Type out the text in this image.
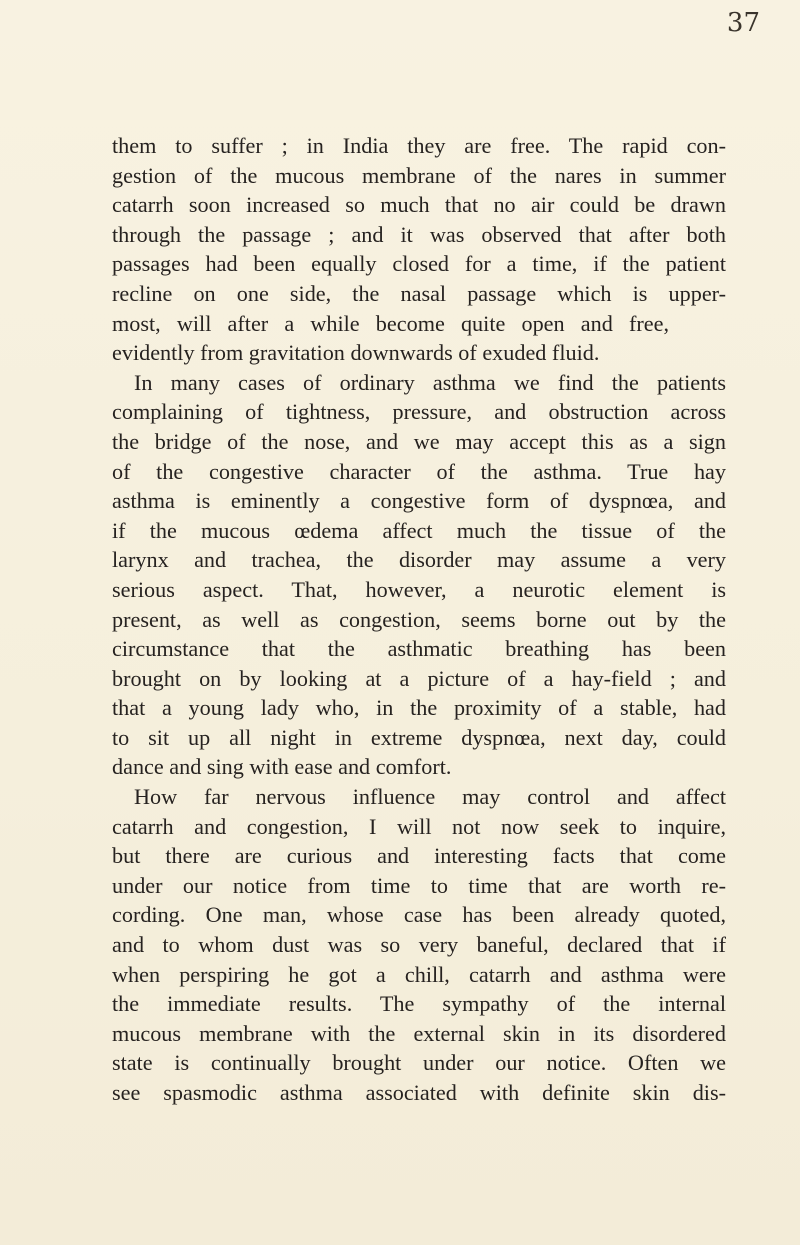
37
them to suffer ; in India they are free. The rapid con-
gestion of the mucous membrane of the nares in summer
catarrh soon increased so much that no air could be drawn
through the passage ; and it was observed that after both
passages had been equally closed for a time, if the patient
recline on one side, the nasal passage which is upper-
most, will after a while become quite open and free,
evidently from gravitation downwards of exuded fluid.
In many cases of ordinary asthma we find the patients
complaining of tightness, pressure, and obstruction across
the bridge of the nose, and we may accept this as a sign
of the congestive character of the asthma. True hay
asthma is eminently a congestive form of dyspnœa, and
if the mucous œdema affect much the tissue of the
larynx and trachea, the disorder may assume a very
serious aspect. That, however, a neurotic element is
present, as well as congestion, seems borne out by the
circumstance that the asthmatic breathing has been
brought on by looking at a picture of a hay-field ; and
that a young lady who, in the proximity of a stable, had
to sit up all night in extreme dyspnœa, next day, could
dance and sing with ease and comfort.
How far nervous influence may control and affect
catarrh and congestion, I will not now seek to inquire,
but there are curious and interesting facts that come
under our notice from time to time that are worth re-
cording. One man, whose case has been already quoted,
and to whom dust was so very baneful, declared that if
when perspiring he got a chill, catarrh and asthma were
the immediate results. The sympathy of the internal
mucous membrane with the external skin in its disordered
state is continually brought under our notice. Often we
see spasmodic asthma associated with definite skin dis-
